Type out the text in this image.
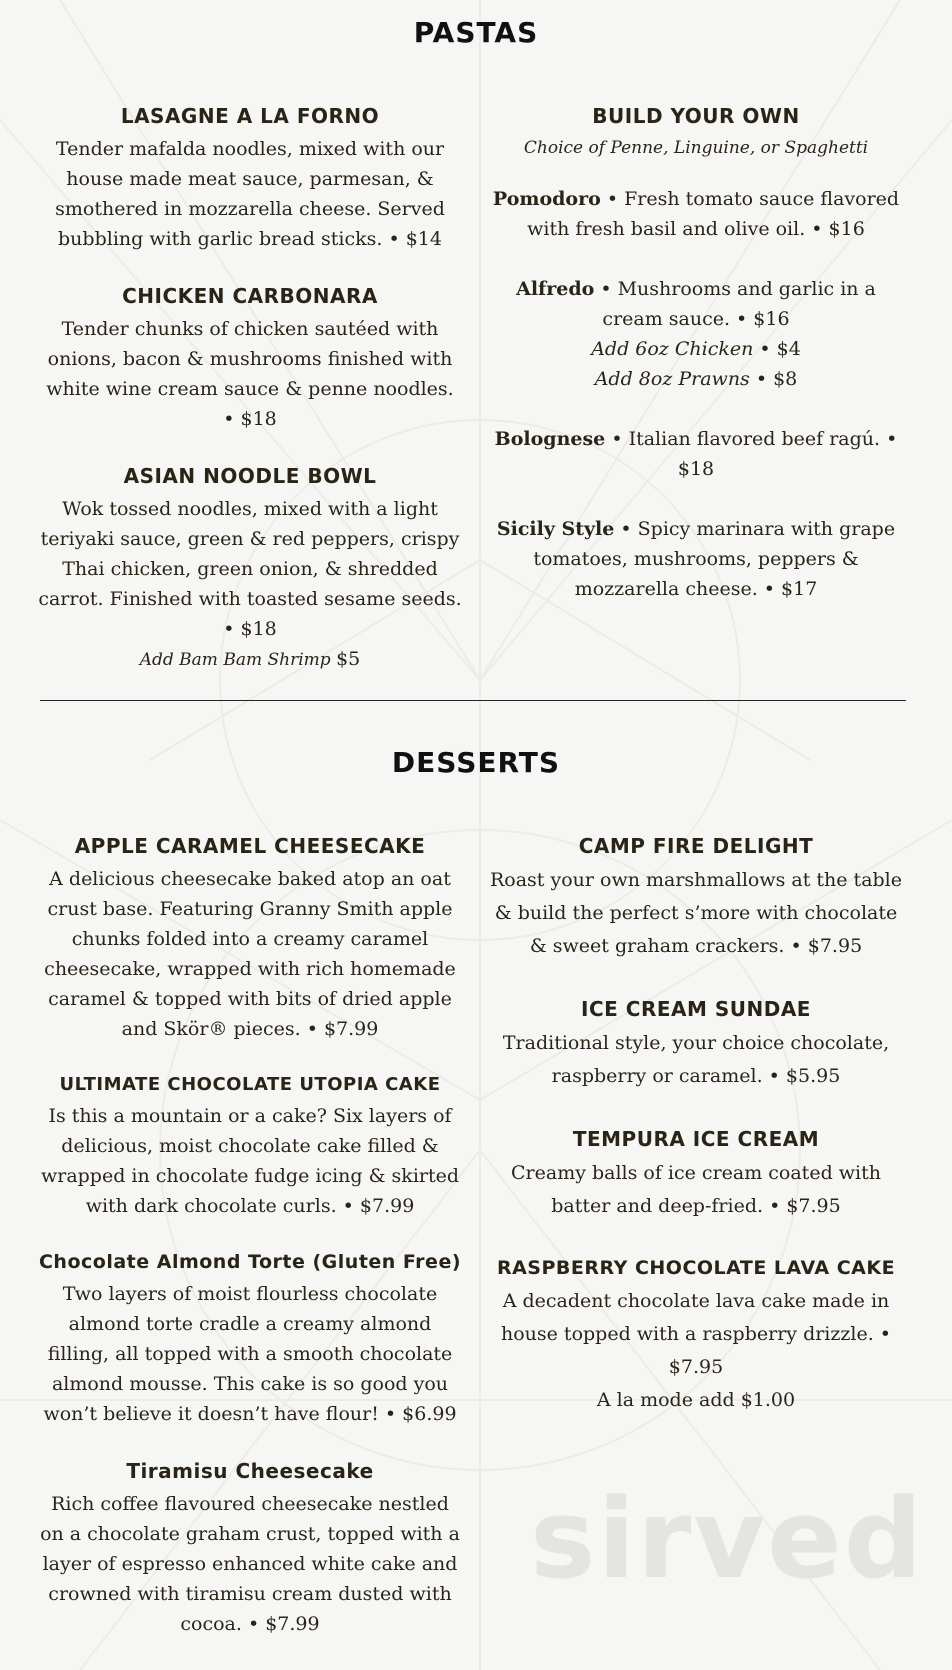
PASTAS
LASAGNE A LA FORNO

Tender mafalda noodles, mixed with our house made meat sauce, parmesan, & smothered in mozzarella cheese. Served bubbling with garlic bread sticks. • $14

CHICKEN CARBONARA

Tender chunks of chicken sautéed with onions, bacon & mushrooms finished with white wine cream sauce & penne noodles. • $18

ASIAN NOODLE BOWL

Wok tossed noodles, mixed with a light teriyaki sauce, green & red peppers, crispy Thai chicken, green onion, & shredded carrot. Finished with toasted sesame seeds. • $18

Add Bam Bam Shrimp $5

BUILD YOUR OWN

Choice of Penne, Linguine, or Spaghetti

Pomodoro • Fresh tomato sauce flavored with fresh basil and olive oil. • $16
Alfredo • Mushrooms and garlic in a cream sauce. • $16
Add 6oz Chicken • $4
Add 8oz Prawns • $8
Bolognese • Italian flavored beef ragú. • $18
Sicily Style • Spicy marinara with grape tomatoes, mushrooms, peppers & mozzarella cheese. • $17
DESSERTS
APPLE CARAMEL CHEESECAKE

A delicious cheesecake baked atop an oat crust base. Featuring Granny Smith apple chunks folded into a creamy caramel cheesecake, wrapped with rich homemade caramel & topped with bits of dried apple and Skör® pieces. • $7.99

ULTIMATE CHOCOLATE UTOPIA CAKE

Is this a mountain or a cake? Six layers of delicious, moist chocolate cake filled & wrapped in chocolate fudge icing & skirted with dark chocolate curls. • $7.99

Chocolate Almond Torte (Gluten Free)

Two layers of moist flourless chocolate almond torte cradle a creamy almond filling, all topped with a smooth chocolate almond mousse. This cake is so good you won’t believe it doesn’t have flour! • $6.99

Tiramisu Cheesecake

Rich coffee flavoured cheesecake nestled on a chocolate graham crust, topped with a layer of espresso enhanced white cake and crowned with tiramisu cream dusted with cocoa. • $7.99

CAMP FIRE DELIGHT

Roast your own marshmallows at the table & build the perfect s’more with chocolate & sweet graham crackers. • $7.95

ICE CREAM SUNDAE

Traditional style, your choice chocolate, raspberry or caramel. • $5.95

TEMPURA ICE CREAM

Creamy balls of ice cream coated with batter and deep-fried. • $7.95

RASPBERRY CHOCOLATE LAVA CAKE

A decadent chocolate lava cake made in house topped with a raspberry drizzle. • $7.95

A la mode add $1.00

sirved
